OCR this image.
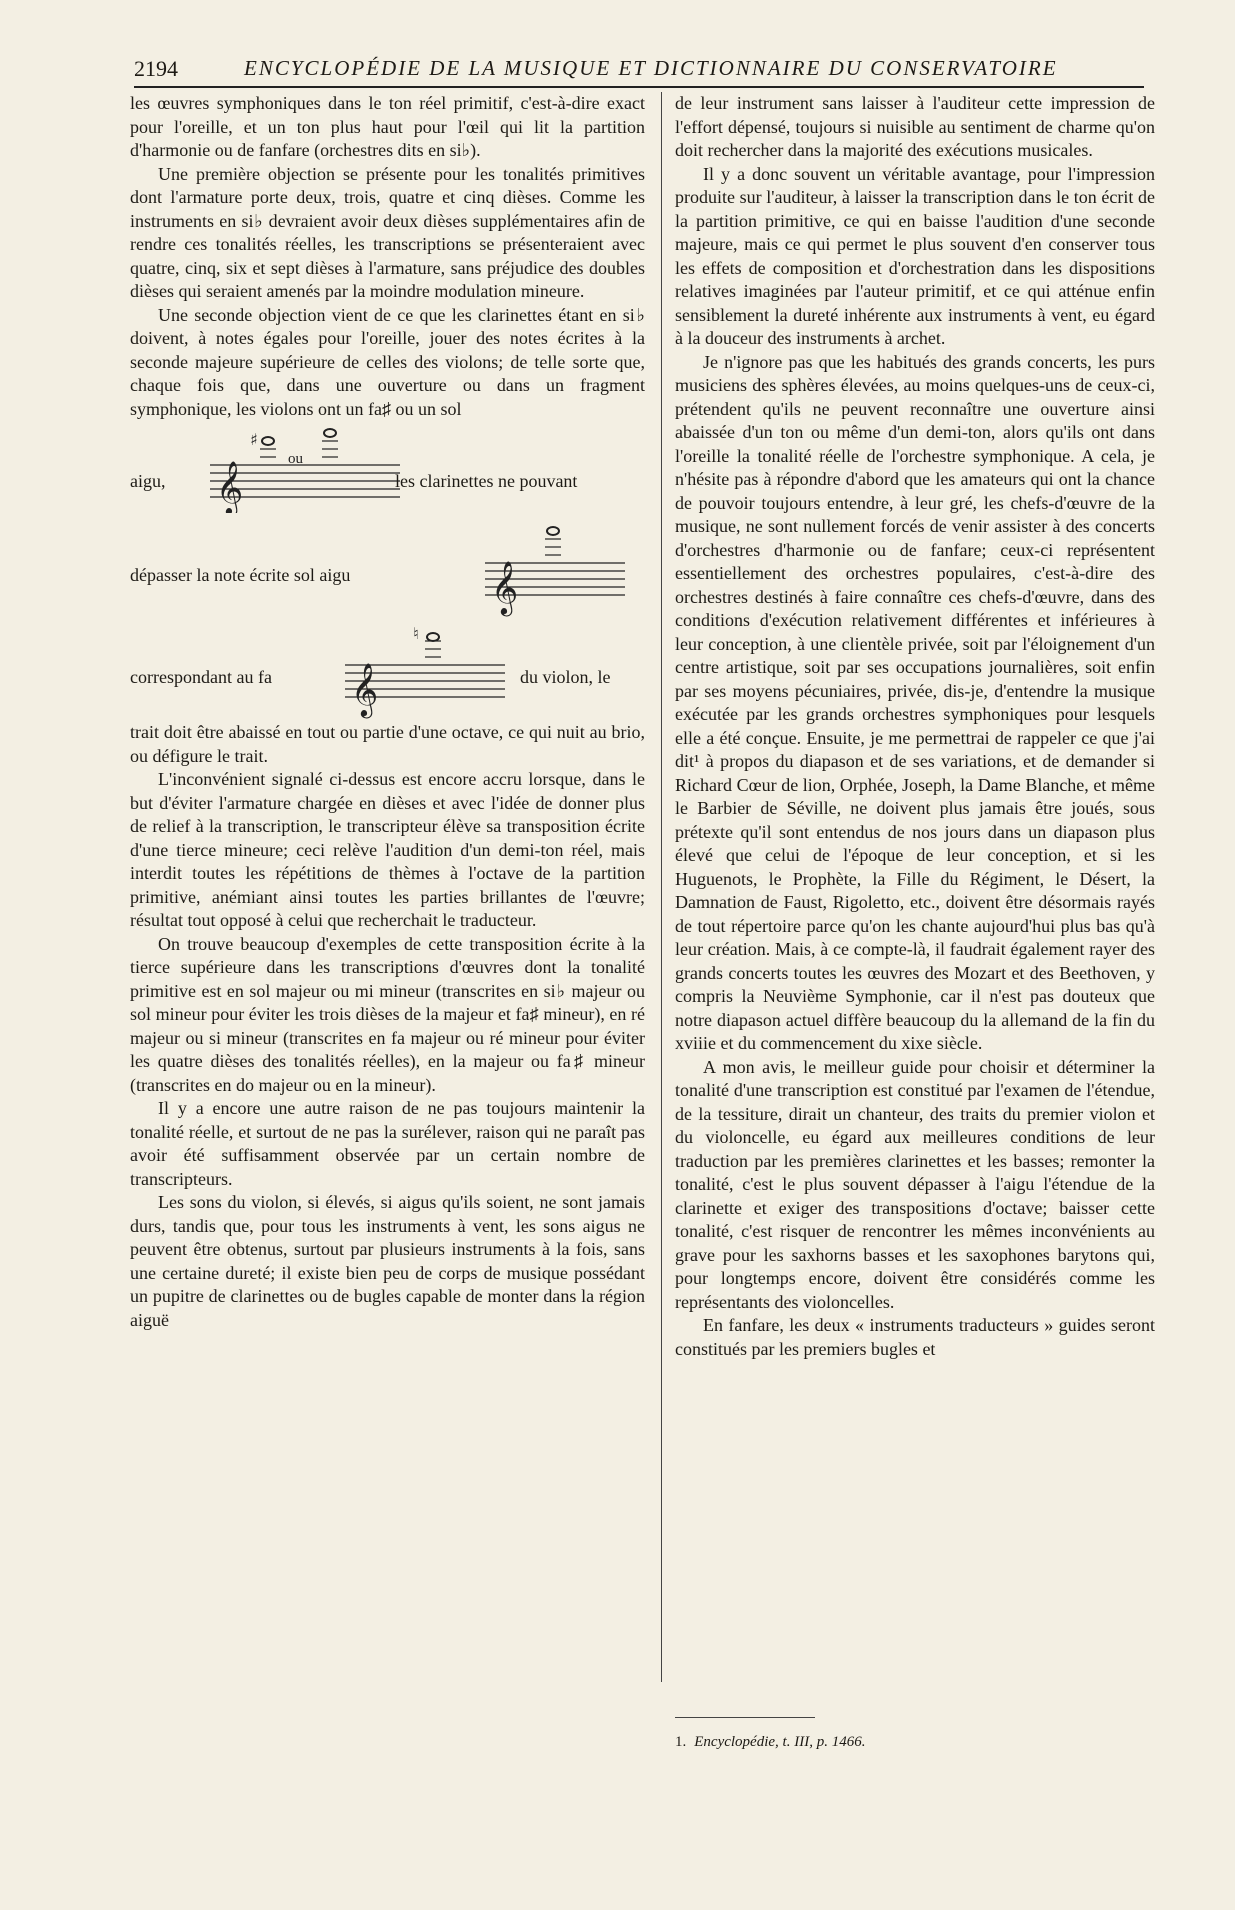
2194	ENCYCLOPÉDIE DE LA MUSIQUE ET DICTIONNAIRE DU CONSERVATOIRE

les œuvres symphoniques dans le ton réel primitif, c'est-à-dire exact pour l'oreille, et un ton plus haut pour l'œil qui lit la partition d'harmonie ou de fanfare (orchestres dits en si♭).

Une première objection se présente pour les tonalités primitives dont l'armature porte deux, trois, quatre et cinq dièses. Comme les instruments en si♭ devraient avoir deux dièses supplémentaires afin de rendre ces tonalités réelles, les transcriptions se présenteraient avec quatre, cinq, six et sept dièses à l'armature, sans préjudice des doubles dièses qui seraient amenés par la moindre modulation mineure.

Une seconde objection vient de ce que les clarinettes étant en si♭ doivent, à notes égales pour l'oreille, jouer des notes écrites à la seconde majeure supérieure de celles des violons; de telle sorte que, chaque fois que, dans une ouverture ou dans un fragment symphonique, les violons ont un fa♯ ou un sol

aigu, 𝄞
♯
ou
les clarinettes ne pouvant
dépasser la note écrite sol aigu	𝄞
correspondant au fa 𝄞
♮
du violon, le

trait doit être abaissé en tout ou partie d'une octave, ce qui nuit au brio, ou défigure le trait.

L'inconvénient signalé ci-dessus est encore accru lorsque, dans le but d'éviter l'armature chargée en dièses et avec l'idée de donner plus de relief à la transcription, le transcripteur élève sa transposition écrite d'une tierce mineure; ceci relève l'audition d'un demi-ton réel, mais interdit toutes les répétitions de thèmes à l'octave de la partition primitive, anémiant ainsi toutes les parties brillantes de l'œuvre; résultat tout opposé à celui que recherchait le traducteur.

On trouve beaucoup d'exemples de cette transposition écrite à la tierce supérieure dans les transcriptions d'œuvres dont la tonalité primitive est en sol majeur ou mi mineur (transcrites en si♭ majeur ou sol mineur pour éviter les trois dièses de la majeur et fa♯ mineur), en ré majeur ou si mineur (transcrites en fa majeur ou ré mineur pour éviter les quatre dièses des tonalités réelles), en la majeur ou fa♯ mineur (transcrites en do majeur ou en la mineur).

Il y a encore une autre raison de ne pas toujours maintenir la tonalité réelle, et surtout de ne pas la surélever, raison qui ne paraît pas avoir été suffisamment observée par un certain nombre de transcripteurs.

Les sons du violon, si élevés, si aigus qu'ils soient, ne sont jamais durs, tandis que, pour tous les instruments à vent, les sons aigus ne peuvent être obtenus, surtout par plusieurs instruments à la fois, sans une certaine dureté; il existe bien peu de corps de musique possédant un pupitre de clarinettes ou de bugles capable de monter dans la région aiguë

de leur instrument sans laisser à l'auditeur cette impression de l'effort dépensé, toujours si nuisible au sentiment de charme qu'on doit rechercher dans la majorité des exécutions musicales.

Il y a donc souvent un véritable avantage, pour l'impression produite sur l'auditeur, à laisser la transcription dans le ton écrit de la partition primitive, ce qui en baisse l'audition d'une seconde majeure, mais ce qui permet le plus souvent d'en conserver tous les effets de composition et d'orchestration dans les dispositions relatives imaginées par l'auteur primitif, et ce qui atténue enfin sensiblement la dureté inhérente aux instruments à vent, eu égard à la douceur des instruments à archet.

Je n'ignore pas que les habitués des grands concerts, les purs musiciens des sphères élevées, au moins quelques-uns de ceux-ci, prétendent qu'ils ne peuvent reconnaître une ouverture ainsi abaissée d'un ton ou même d'un demi-ton, alors qu'ils ont dans l'oreille la tonalité réelle de l'orchestre symphonique. A cela, je n'hésite pas à répondre d'abord que les amateurs qui ont la chance de pouvoir toujours entendre, à leur gré, les chefs-d'œuvre de la musique, ne sont nullement forcés de venir assister à des concerts d'orchestres d'harmonie ou de fanfare; ceux-ci représentent essentiellement des orchestres populaires, c'est-à-dire des orchestres destinés à faire connaître ces chefs-d'œuvre, dans des conditions d'exécution relativement différentes et inférieures à leur conception, à une clientèle privée, soit par l'éloignement d'un centre artistique, soit par ses occupations journalières, soit enfin par ses moyens pécuniaires, privée, dis-je, d'entendre la musique exécutée par les grands orchestres symphoniques pour lesquels elle a été conçue. Ensuite, je me permettrai de rappeler ce que j'ai dit¹ à propos du diapason et de ses variations, et de demander si Richard Cœur de lion, Orphée, Joseph, la Dame Blanche, et même le Barbier de Séville, ne doivent plus jamais être joués, sous prétexte qu'il sont entendus de nos jours dans un diapason plus élevé que celui de l'époque de leur conception, et si les Huguenots, le Prophète, la Fille du Régiment, le Désert, la Damnation de Faust, Rigoletto, etc., doivent être désormais rayés de tout répertoire parce qu'on les chante aujourd'hui plus bas qu'à leur création. Mais, à ce compte-là, il faudrait également rayer des grands concerts toutes les œuvres des Mozart et des Beethoven, y compris la Neuvième Symphonie, car il n'est pas douteux que notre diapason actuel diffère beaucoup du la allemand de la fin du xviiie et du commencement du xixe siècle.

A mon avis, le meilleur guide pour choisir et déterminer la tonalité d'une transcription est constitué par l'examen de l'étendue, de la tessiture, dirait un chanteur, des traits du premier violon et du violoncelle, eu égard aux meilleures conditions de leur traduction par les premières clarinettes et les basses; remonter la tonalité, c'est le plus souvent dépasser à l'aigu l'étendue de la clarinette et exiger des transpositions d'octave; baisser cette tonalité, c'est risquer de rencontrer les mêmes inconvénients au grave pour les saxhorns basses et les saxophones barytons qui, pour longtemps encore, doivent être considérés comme les représentants des violoncelles.

En fanfare, les deux « instruments traducteurs » guides seront constitués par les premiers bugles et

1. Encyclopédie, t. III, p. 1466.
